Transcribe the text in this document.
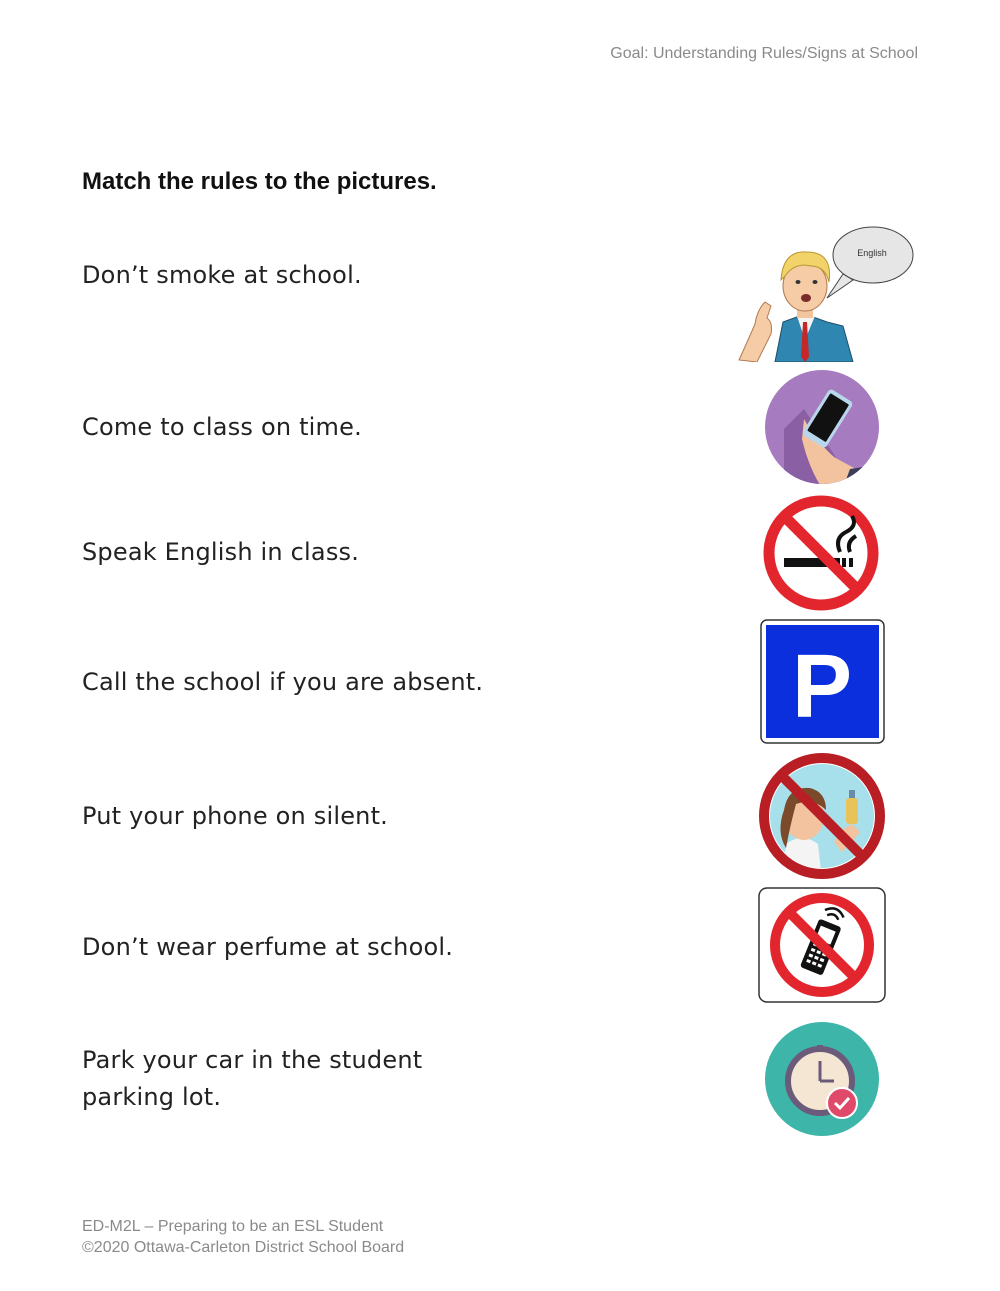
Goal: Understanding Rules/Signs at School
Match the rules to the pictures.
Don’t smoke at school.
Come to class on time.
Speak English in class.
Call the school if you are absent.
Put your phone on silent.
Don’t wear perfume at school.
Park your car in the student parking lot.
English
P
ED-M2L – Preparing to be an ESL Student
©2020 Ottawa-Carleton District School Board
